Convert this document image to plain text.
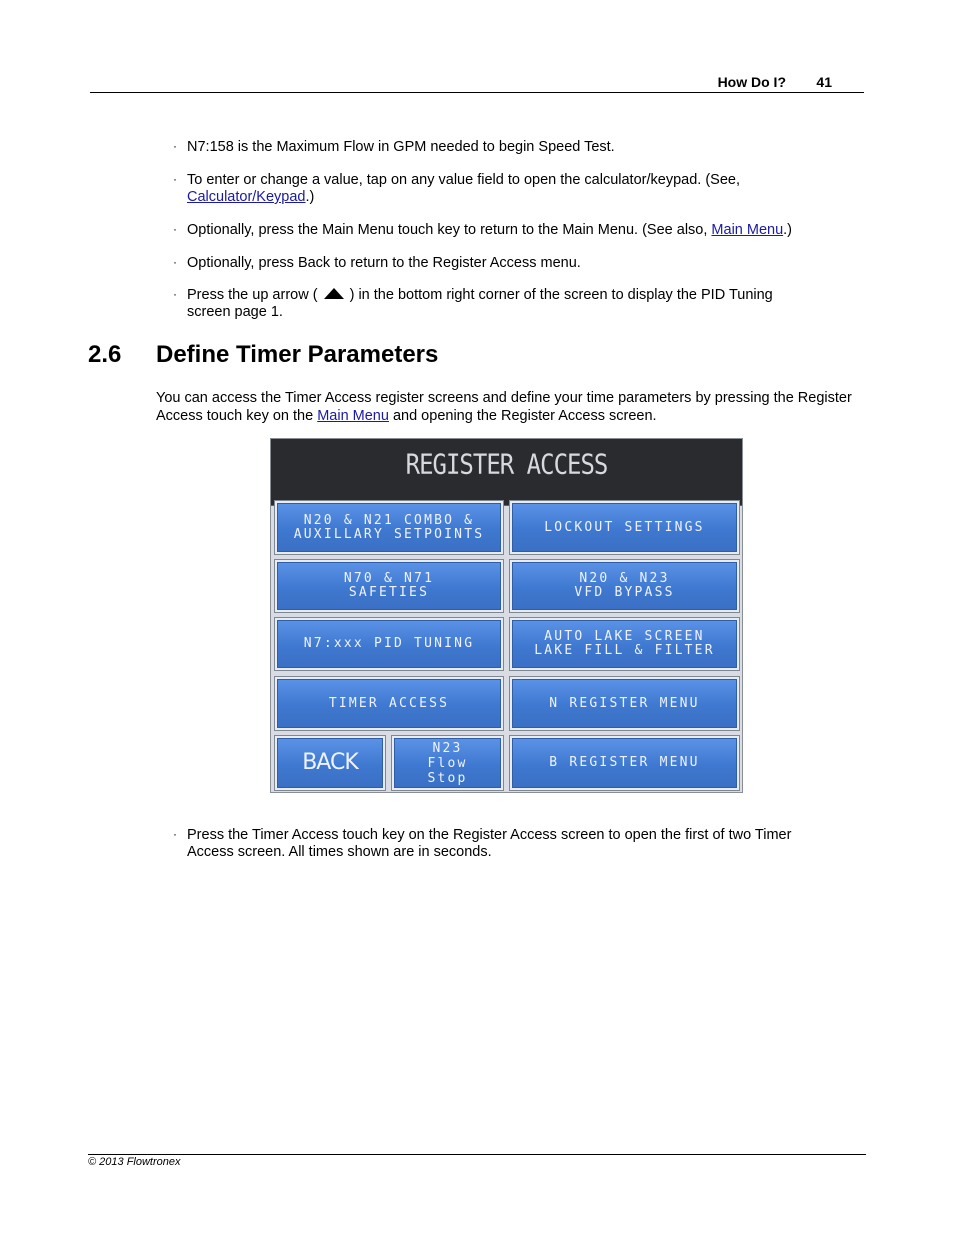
How Do I? 41
· N7:158 is the Maximum Flow in GPM needed to begin Speed Test.
· To enter or change a value, tap on any value field to open the calculator/keypad. (See,
Calculator/Keypad.)
· Optionally, press the Main Menu touch key to return to the Main Menu. (See also, Main Menu.)
· Optionally, press Back to return to the Register Access menu.
· Press the up arrow (  ) in the bottom right corner of the screen to display the PID Tuning
screen page 1.
2.6 Define Timer Parameters
You can access the Timer Access register screens and define your time parameters by pressing the Register Access touch key on the Main Menu and opening the Register Access screen.
REGISTER ACCESS
N20 & N21 COMBO &
AUXILLARY SETPOINTS	LOCKOUT SETTINGS
N70 & N71
SAFETIES
N20 & N23
VFD BYPASS
N7:xxx PID TUNING	AUTO LAKE SCREEN
LAKE FILL & FILTER
TIMER ACCESS	N REGISTER MENU
BACK
N23
Flow
Stop
B REGISTER MENU
· Press the Timer Access touch key on the Register Access screen to open the first of two Timer
Access screen. All times shown are in seconds.
© 2013 Flowtronex
